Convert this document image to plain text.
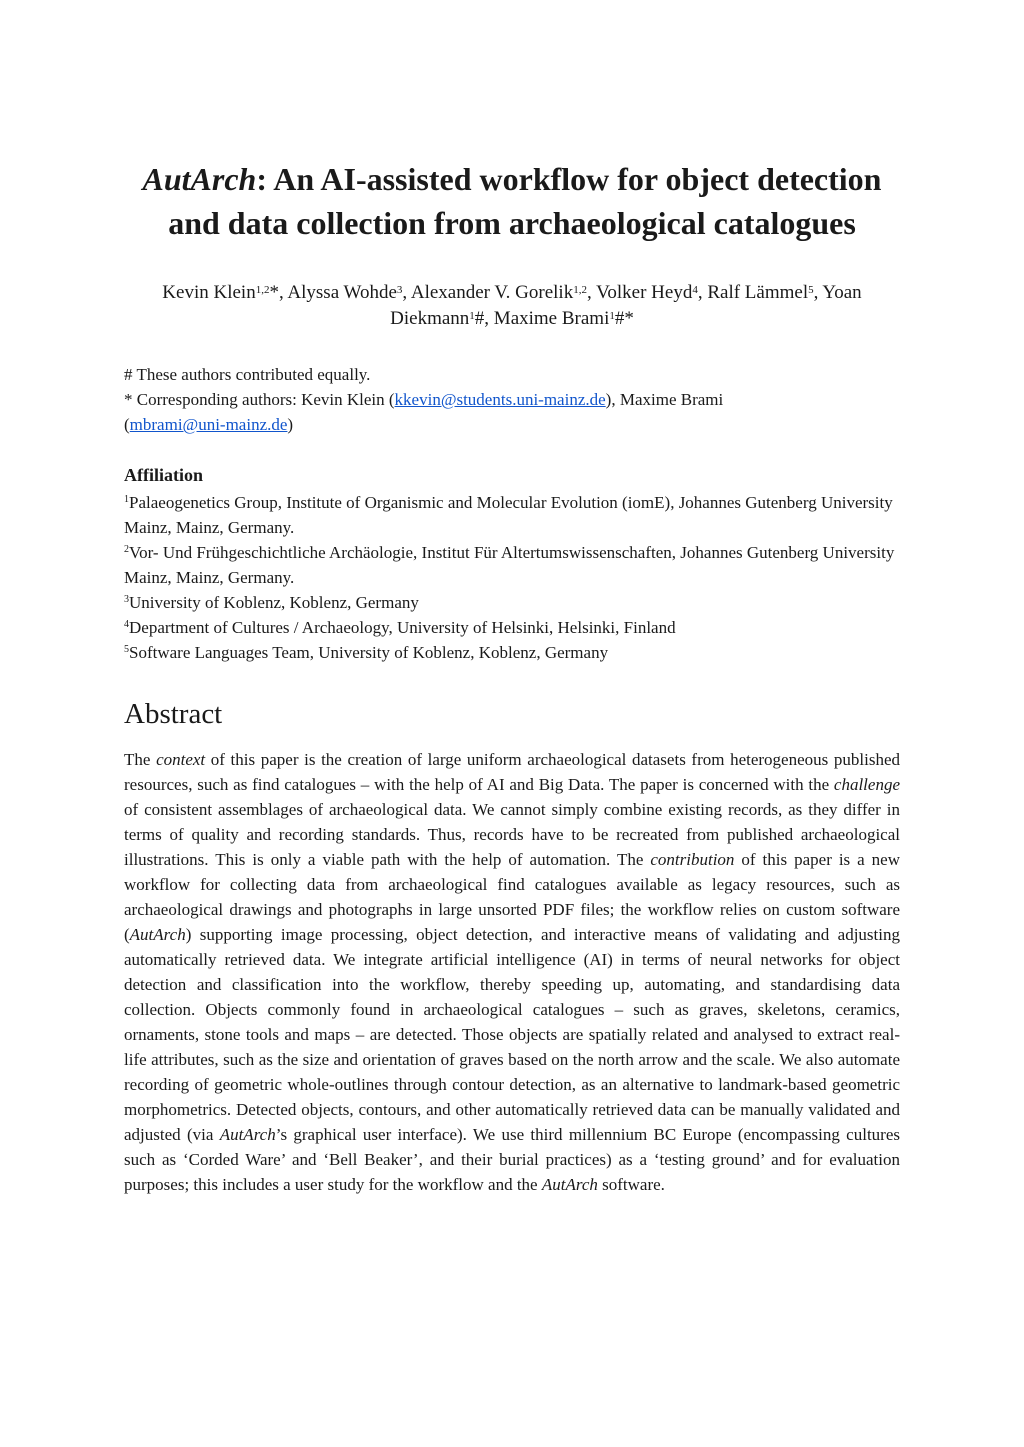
AutArch: An AI-assisted workflow for object detection
and data collection from archaeological catalogues
Kevin Klein$^{1,2}$*, Alyssa Wohde$^3$, Alexander V. Gorelik$^{1,2}$, Volker Heyd$^4$, Ralf Lämmel$^5$, Yoan Diekmann$^1$#, Maxime Brami$^1$#*
# These authors contributed equally.
* Corresponding authors: Kevin Klein (kkevin@students.uni-mainz.de), Maxime Brami
(mbrami@uni-mainz.de)
Affiliation
$^1$Palaeogenetics Group, Institute of Organismic and Molecular Evolution (iomE), Johannes Gutenberg University Mainz, Mainz, Germany.
$^2$Vor- Und Frühgeschichtliche Archäologie, Institut Für Altertumswissenschaften, Johannes Gutenberg University Mainz, Mainz, Germany.
$^3$University of Koblenz, Koblenz, Germany
$^4$Department of Cultures / Archaeology, University of Helsinki, Helsinki, Finland
$^5$Software Languages Team, University of Koblenz, Koblenz, Germany
Abstract
The context of this paper is the creation of large uniform archaeological datasets from heterogeneous published resources, such as find catalogues ‒ with the help of AI and Big Data. The paper is concerned with the challenge of consistent assemblages of archaeological data. We cannot simply combine existing records, as they differ in terms of quality and recording standards. Thus, records have to be recreated from published archaeological illustrations. This is only a viable path with the help of automation. The contribution of this paper is a new workflow for collecting data from archaeological find catalogues available as legacy resources, such as archaeological drawings and photographs in large unsorted PDF files; the workflow relies on custom software (AutArch) supporting image processing, object detection, and interactive means of validating and adjusting automatically retrieved data. We integrate artificial intelligence (AI) in terms of neural networks for object detection and classification into the workflow, thereby speeding up, automating, and standardising data collection. Objects commonly found in archaeological catalogues ‒ such as graves, skeletons, ceramics, ornaments, stone tools and maps ‒ are detected. Those objects are spatially related and analysed to extract real-life attributes, such as the size and orientation of graves based on the north arrow and the scale. We also automate recording of geometric whole-outlines through contour detection, as an alternative to landmark-based geometric morphometrics. Detected objects, contours, and other automatically retrieved data can be manually validated and adjusted (via AutArch’s graphical user interface). We use third millennium BC Europe (encompassing cultures such as ‘Corded Ware’ and ‘Bell Beaker’, and their burial practices) as a ‘testing ground’ and for evaluation purposes; this includes a user study for the workflow and the AutArch software.
